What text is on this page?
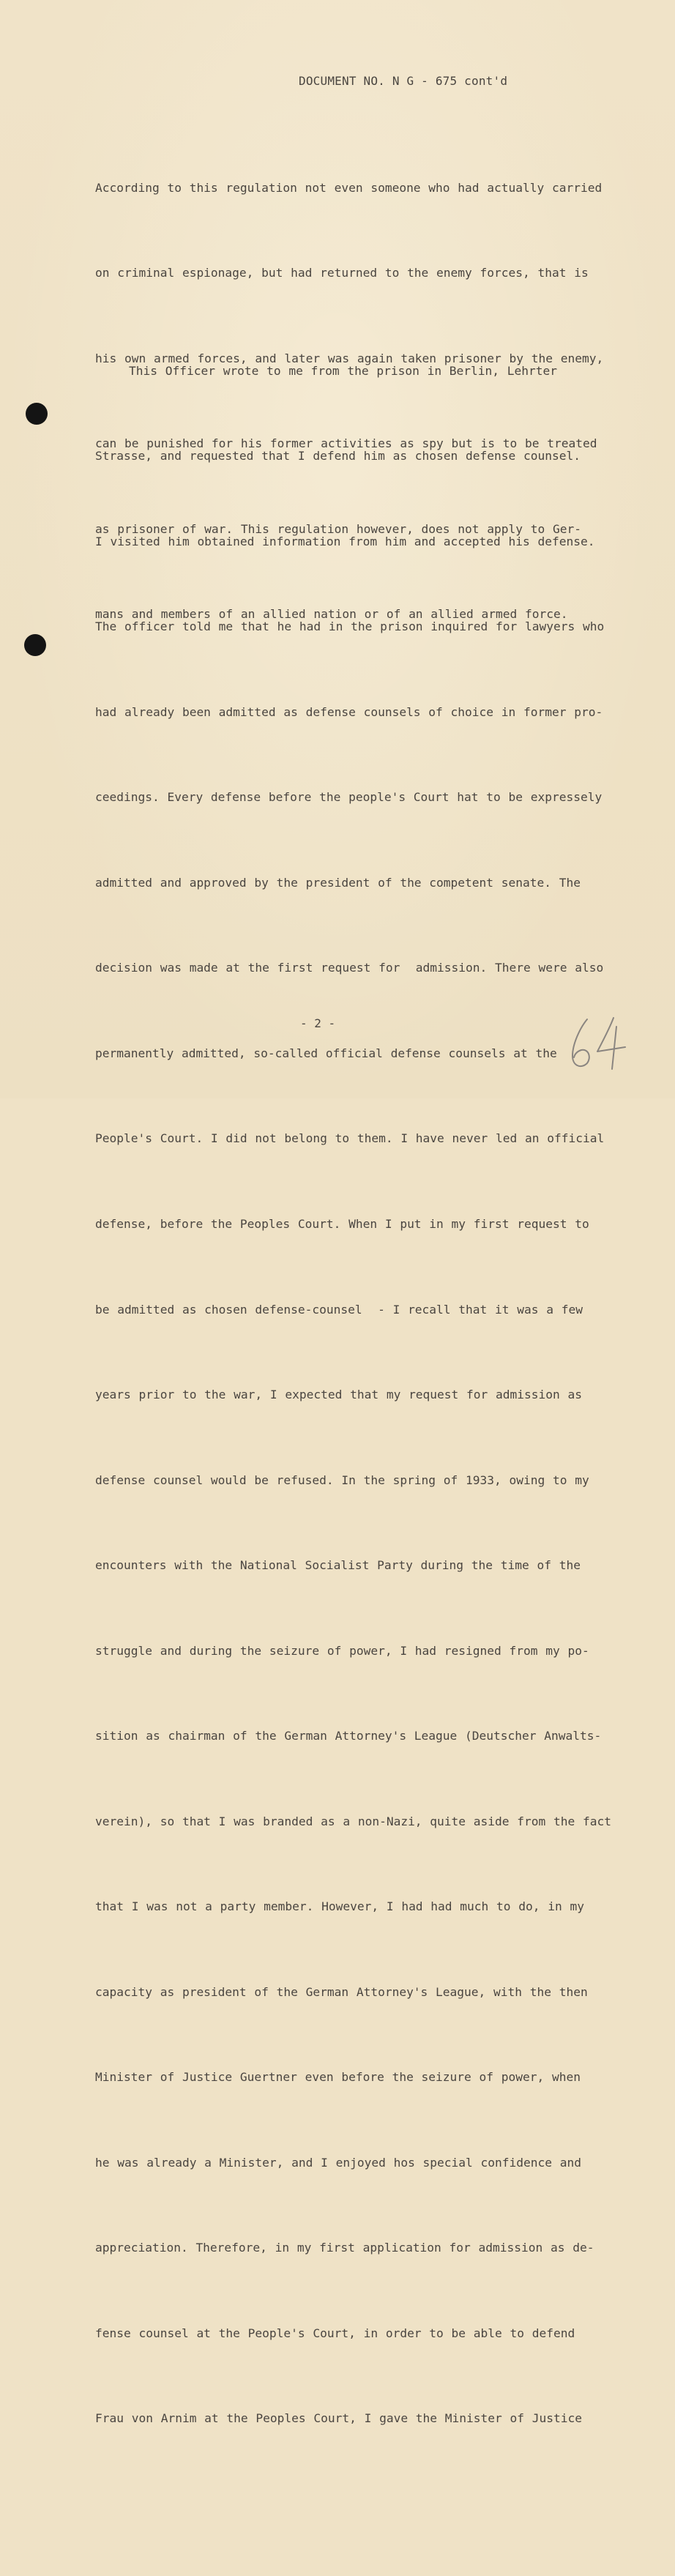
DOCUMENT NO. N G - 675 cont'd

According to this regulation not even someone who had actually carried

on criminal espionage, but had returned to the enemy forces, that is

his own armed forces, and later was again taken prisoner by the enemy,

can be punished for his former activities as spy but is to be treated

as prisoner of war. This regulation however, does not apply to Ger-

mans and members of an allied nation or of an allied armed force.

This Officer wrote to me from the prison in Berlin, Lehrter

Strasse, and requested that I defend him as chosen defense counsel.

I visited him obtained information from him and accepted his defense.

The officer told me that he had in the prison inquired for lawyers who

had already been admitted as defense counsels of choice in former pro-

ceedings. Every defense before the people's Court hat to be expressely

admitted and approved by the president of the competent senate. The

decision was made at the first request for  admission. There were also

permanently admitted, so-called official defense counsels at the

People's Court. I did not belong to them. I have never led an official

defense, before the Peoples Court. When I put in my first request to

be admitted as chosen defense-counsel  - I recall that it was a few

years prior to the war, I expected that my request for admission as

defense counsel would be refused. In the spring of 1933, owing to my

encounters with the National Socialist Party during the time of the

struggle and during the seizure of power, I had resigned from my po-

sition as chairman of the German Attorney's League (Deutscher Anwalts-

verein), so that I was branded as a non-Nazi, quite aside from the fact

that I was not a party member. However, I had had much to do, in my

capacity as president of the German Attorney's League, with the then

Minister of Justice Guertner even before the seizure of power, when

he was already a Minister, and I enjoyed hos special confidence and

appreciation. Therefore, in my first application for admission as de-

fense counsel at the People's Court, in order to be able to defend

Frau von Arnim at the Peoples Court, I gave the Minister of Justice

- 2 -
